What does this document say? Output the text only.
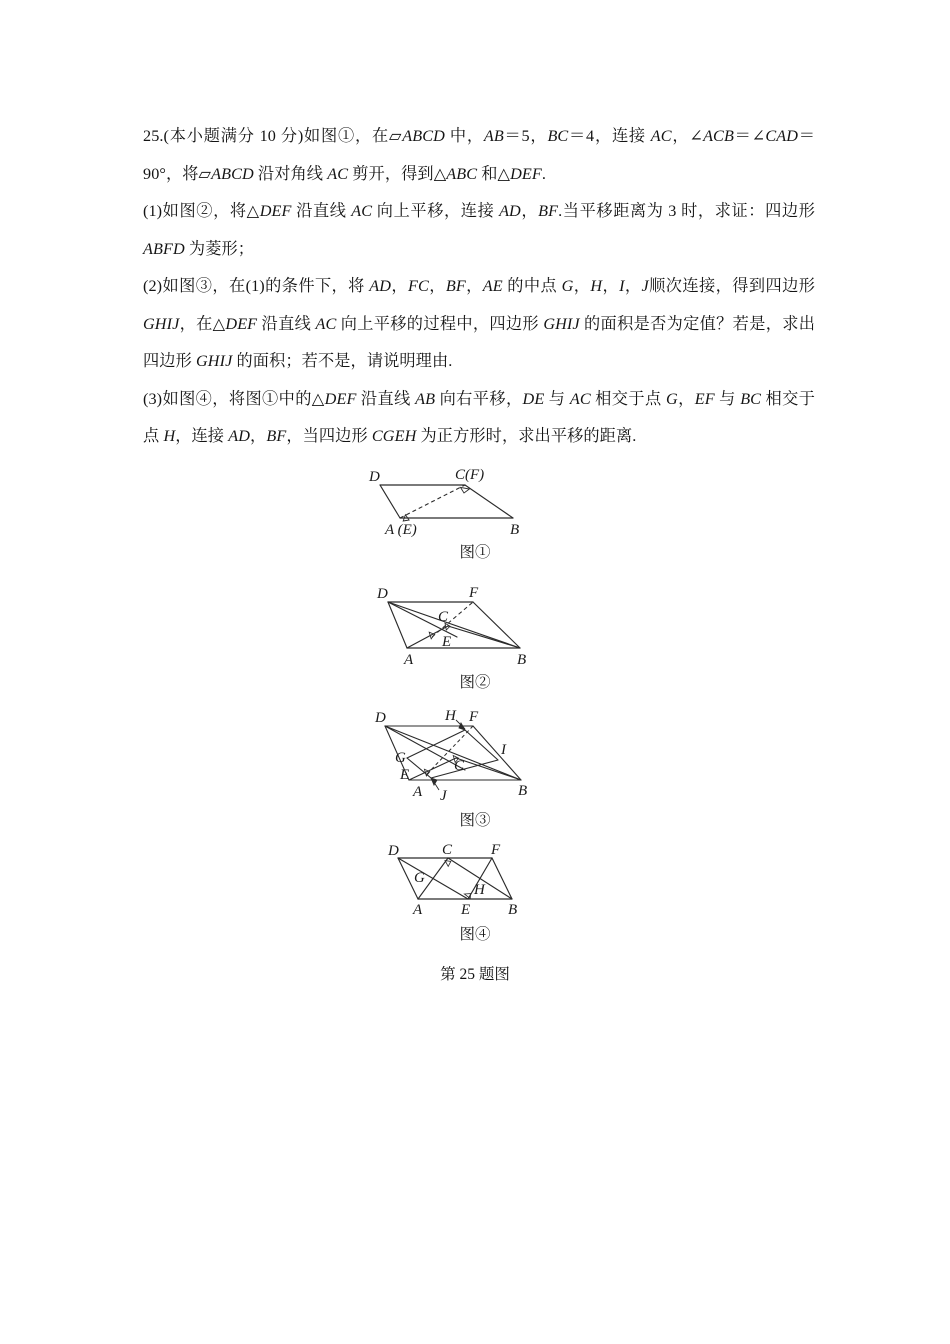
25.(本小题满分 10 分)如图①，在▱ABCD 中，AB＝5，BC＝4，连接 AC，∠ACB＝∠CAD＝90°，将▱ABCD 沿对角线 AC 剪开，得到△ABC 和△DEF.

(1)如图②，将△DEF 沿直线 AC 向上平移，连接 AD，BF.当平移距离为 3 时，求证：四边形 ABFD 为菱形；

(2)如图③，在(1)的条件下，将 AD，FC，BF，AE 的中点 G，H，I，J顺次连接，得到四边形 GHIJ，在△DEF 沿直线 AC 向上平移的过程中，四边形 GHIJ 的面积是否为定值？若是，求出四边形 GHIJ 的面积；若不是，请说明理由.

(3)如图④，将图①中的△DEF 沿直线 AB 向右平移，DE 与 AC 相交于点 G，EF 与 BC 相交于点 H，连接 AD，BF，当四边形 CGEH 为正方形时，求出平移的距离.

D	C(F)
A (E)	B
图①
D	F
C
E
A	B
图②
D	H F
I
G	C
E
A J	B
图③
D	C	F
G
H
A	E	B
图④
第 25 题图
